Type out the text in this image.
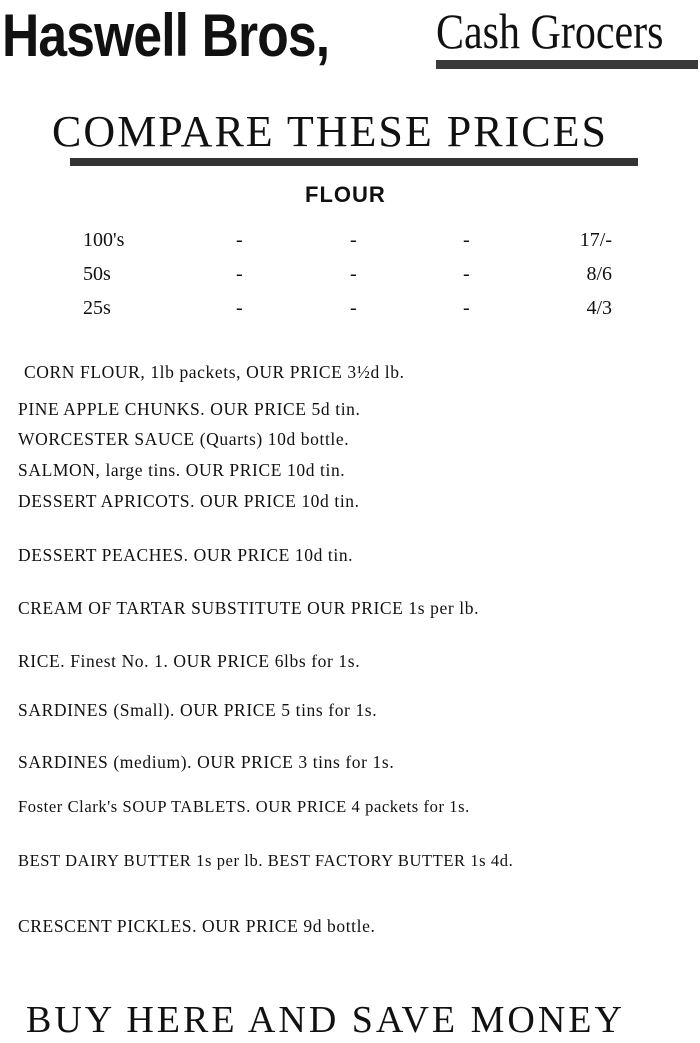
Haswell Bros, Cash Grocers
COMPARE THESE PRICES
FLOUR
100's	-	-	-	17/-
50s	-	-	-	8/6
25s	-	-	-	4/3
CORN FLOUR, 1lb packets, OUR PRICE 3½d lb.
PINE APPLE CHUNKS. OUR PRICE 5d tin.
WORCESTER SAUCE (Quarts) 10d bottle.
SALMON, large tins. OUR PRICE 10d tin.
DESSERT APRICOTS. OUR PRICE 10d tin.
DESSERT PEACHES. OUR PRICE 10d tin.
CREAM OF TARTAR SUBSTITUTE OUR PRICE 1s per lb.
RICE. Finest No. 1. OUR PRICE 6lbs for 1s.
SARDINES (Small). OUR PRICE 5 tins for 1s.
SARDINES (medium). OUR PRICE 3 tins for 1s.
Foster Clark's SOUP TABLETS. OUR PRICE 4 packets for 1s.
BEST DAIRY BUTTER 1s per lb. BEST FACTORY BUTTER 1s 4d.
CRESCENT PICKLES. OUR PRICE 9d bottle.
BUY HERE AND SAVE MONEY
